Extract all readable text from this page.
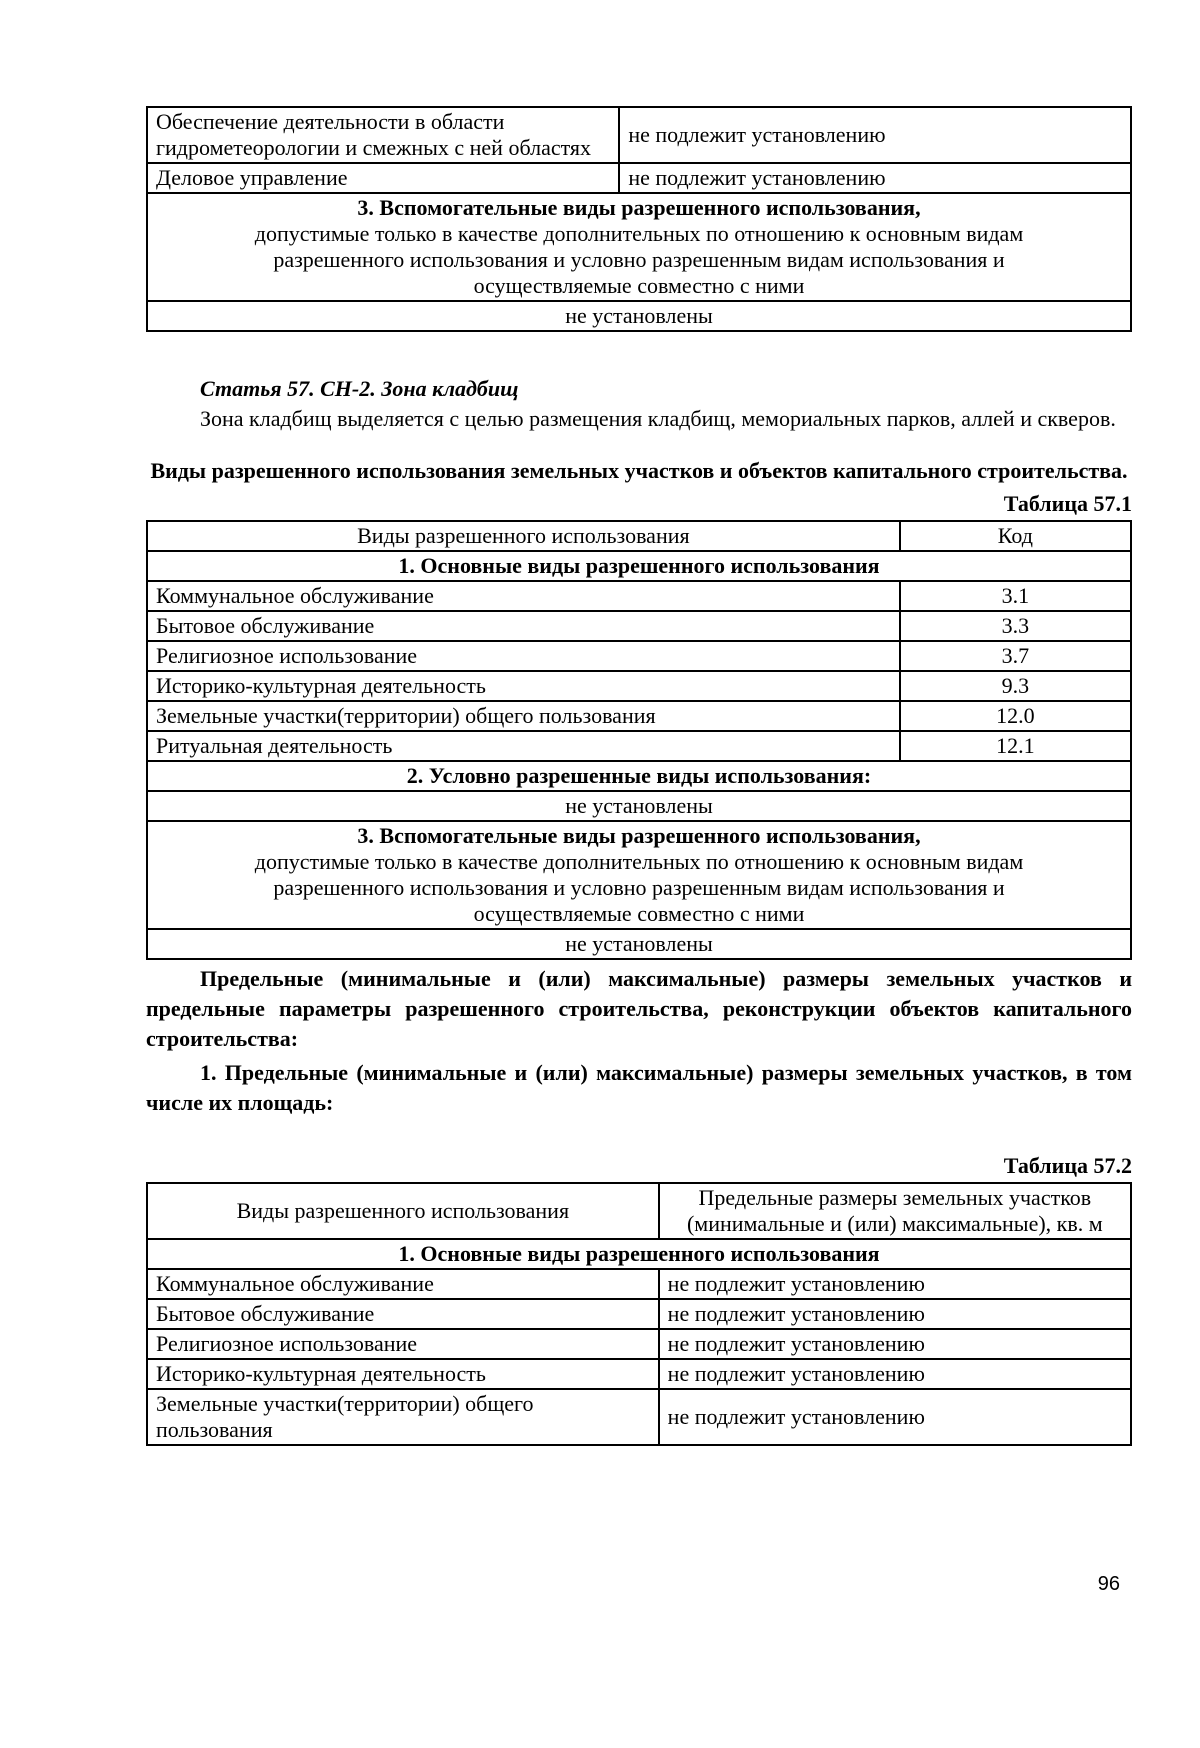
Обеспечение деятельности в области гидрометеорологии и смежных с ней областях	не подлежит установлению
Деловое управление	не подлежит установлению

3. Вспомогательные виды разрешенного использования,
допустимые только в качестве дополнительных по отношению к основным видам
разрешенного использования и условно разрешенным видам использования и
осуществляемые совместно с ними	

не установлены	

Статья 57. СН-2. Зона кладбищ

Зона кладбищ выделяется с целью размещения кладбищ, мемориальных парков, аллей и скверов.

Виды разрешенного использования земельных участков и объектов капитального строительства.

Таблица 57.1

Виды разрешенного использования	Код
1. Основные виды разрешенного использования	
Коммунальное обслуживание	3.1
Бытовое обслуживание	3.3
Религиозное использование	3.7
Историко-культурная деятельность	9.3
Земельные участки(территории) общего пользования	12.0
Ритуальная деятельность	12.1
2. Условно разрешенные виды использования:	
не установлены	

3. Вспомогательные виды разрешенного использования,
допустимые только в качестве дополнительных по отношению к основным видам
разрешенного использования и условно разрешенным видам использования и
осуществляемые совместно с ними	

не установлены	

Предельные (минимальные и (или) максимальные) размеры земельных участков и предельные параметры разрешенного строительства, реконструкции объектов капитального строительства:

1. Предельные (минимальные и (или) максимальные) размеры земельных участков, в том числе их площадь:

Таблица 57.2

Виды разрешенного использования	Предельные размеры земельных участков (минимальные и (или) максимальные), кв. м
1. Основные виды разрешенного использования	
Коммунальное обслуживание	не подлежит установлению
Бытовое обслуживание	не подлежит установлению
Религиозное использование	не подлежит установлению
Историко-культурная деятельность	не подлежит установлению
Земельные участки(территории) общего пользования	не подлежит установлению
96
